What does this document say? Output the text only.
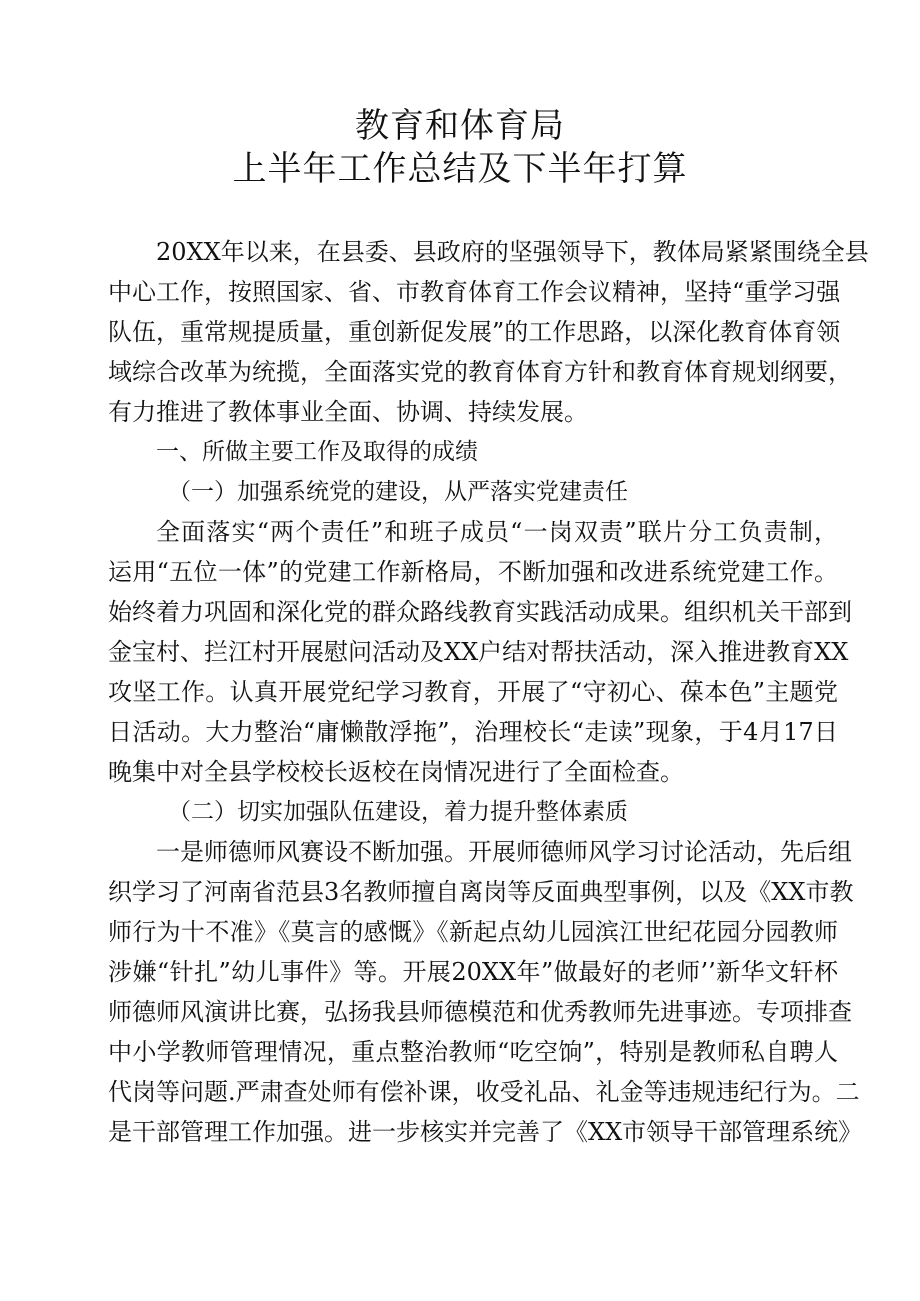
教育和体育局
上半年工作总结及下半年打算
20XX年以来，在县委、县政府的坚强领导下，教体局紧紧围绕全县
中心工作，按照国家、省、市教育体育工作会议精神，坚持“重学习强
队伍，重常规提质量，重创新促发展”的工作思路，以深化教育体育领
域综合改革为统揽，全面落实党的教育体育方针和教育体育规划纲要，
有力推进了教体事业全面、协调、持续发展。
一、所做主要工作及取得的成绩
（一）加强系统党的建设，从严落实党建责任
全面落实“两个责任”和班子成员“一岗双责”联片分工负责制，
运用“五位一体”的党建工作新格局，不断加强和改进系统党建工作。
始终着力巩固和深化党的群众路线教育实践活动成果。组织机关干部到
金宝村、拦江村开展慰问活动及XX户结对帮扶活动，深入推进教育XX
攻坚工作。认真开展党纪学习教育，开展了“守初心、葆本色”主题党
日活动。大力整治“庸懒散浮拖”，治理校长“走读”现象，于4月17日
晚集中对全县学校校长返校在岗情况进行了全面检查。
（二）切实加强队伍建设，着力提升整体素质
一是师德师风赛设不断加强。开展师德师风学习讨论活动，先后组
织学习了河南省范县3名教师擅自离岗等反面典型事例，以及《XX市教
师行为十不准》《莫言的感慨》《新起点幼儿园滨江世纪花园分园教师
涉嫌“针扎”幼儿事件》等。开展20XX年”做最好的老师’’新华文轩杯
师德师风演讲比赛，弘扬我县师德模范和优秀教师先进事迹。专项排查
中小学教师管理情况，重点整治教师“吃空饷”，特别是教师私自聘人
代岗等问题.严肃查处师有偿补课，收受礼品、礼金等违规违纪行为。二
是干部管理工作加强。进一步核实并完善了《XX市领导干部管理系统》
